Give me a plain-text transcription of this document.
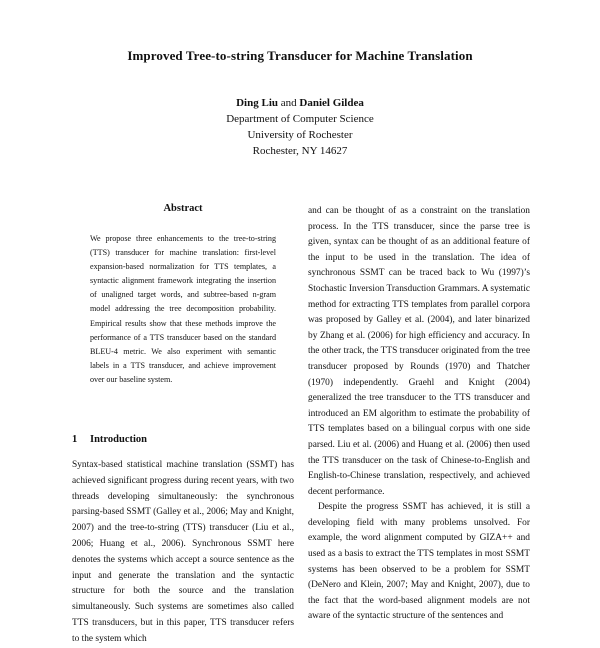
Improved Tree-to-string Transducer for Machine Translation
Ding Liu and Daniel Gildea
Department of Computer Science
University of Rochester
Rochester, NY 14627
Abstract

We propose three enhancements to the tree-to-string (TTS) transducer for machine translation: first-level expansion-based normalization for TTS templates, a syntactic alignment framework integrating the insertion of unaligned target words, and subtree-based n-gram model addressing the tree decomposition probability. Empirical results show that these methods improve the performance of a TTS transducer based on the standard BLEU-4 metric. We also experiment with semantic labels in a TTS transducer, and achieve improvement over our baseline system.

1 Introduction

Syntax-based statistical machine translation (SSMT) has achieved significant progress during recent years, with two threads developing simultaneously: the synchronous parsing-based SSMT (Galley et al., 2006; May and Knight, 2007) and the tree-to-string (TTS) transducer (Liu et al., 2006; Huang et al., 2006). Synchronous SSMT here denotes the systems which accept a source sentence as the input and generate the translation and the syntactic structure for both the source and the translation simultaneously. Such systems are sometimes also called TTS transducers, but in this paper, TTS transducer refers to the system which

and can be thought of as a constraint on the translation process. In the TTS transducer, since the parse tree is given, syntax can be thought of as an additional feature of the input to be used in the translation. The idea of synchronous SSMT can be traced back to Wu (1997)’s Stochastic Inversion Transduction Grammars. A systematic method for extracting TTS templates from parallel corpora was proposed by Galley et al. (2004), and later binarized by Zhang et al. (2006) for high efficiency and accuracy. In the other track, the TTS transducer originated from the tree transducer proposed by Rounds (1970) and Thatcher (1970) independently. Graehl and Knight (2004) generalized the tree transducer to the TTS transducer and introduced an EM algorithm to estimate the probability of TTS templates based on a bilingual corpus with one side parsed. Liu et al. (2006) and Huang et al. (2006) then used the TTS transducer on the task of Chinese-to-English and English-to-Chinese translation, respectively, and achieved decent performance.

Despite the progress SSMT has achieved, it is still a developing field with many problems unsolved. For example, the word alignment computed by GIZA++ and used as a basis to extract the TTS templates in most SSMT systems has been observed to be a problem for SSMT (DeNero and Klein, 2007; May and Knight, 2007), due to the fact that the word-based alignment models are not aware of the syntactic structure of the sentences and
